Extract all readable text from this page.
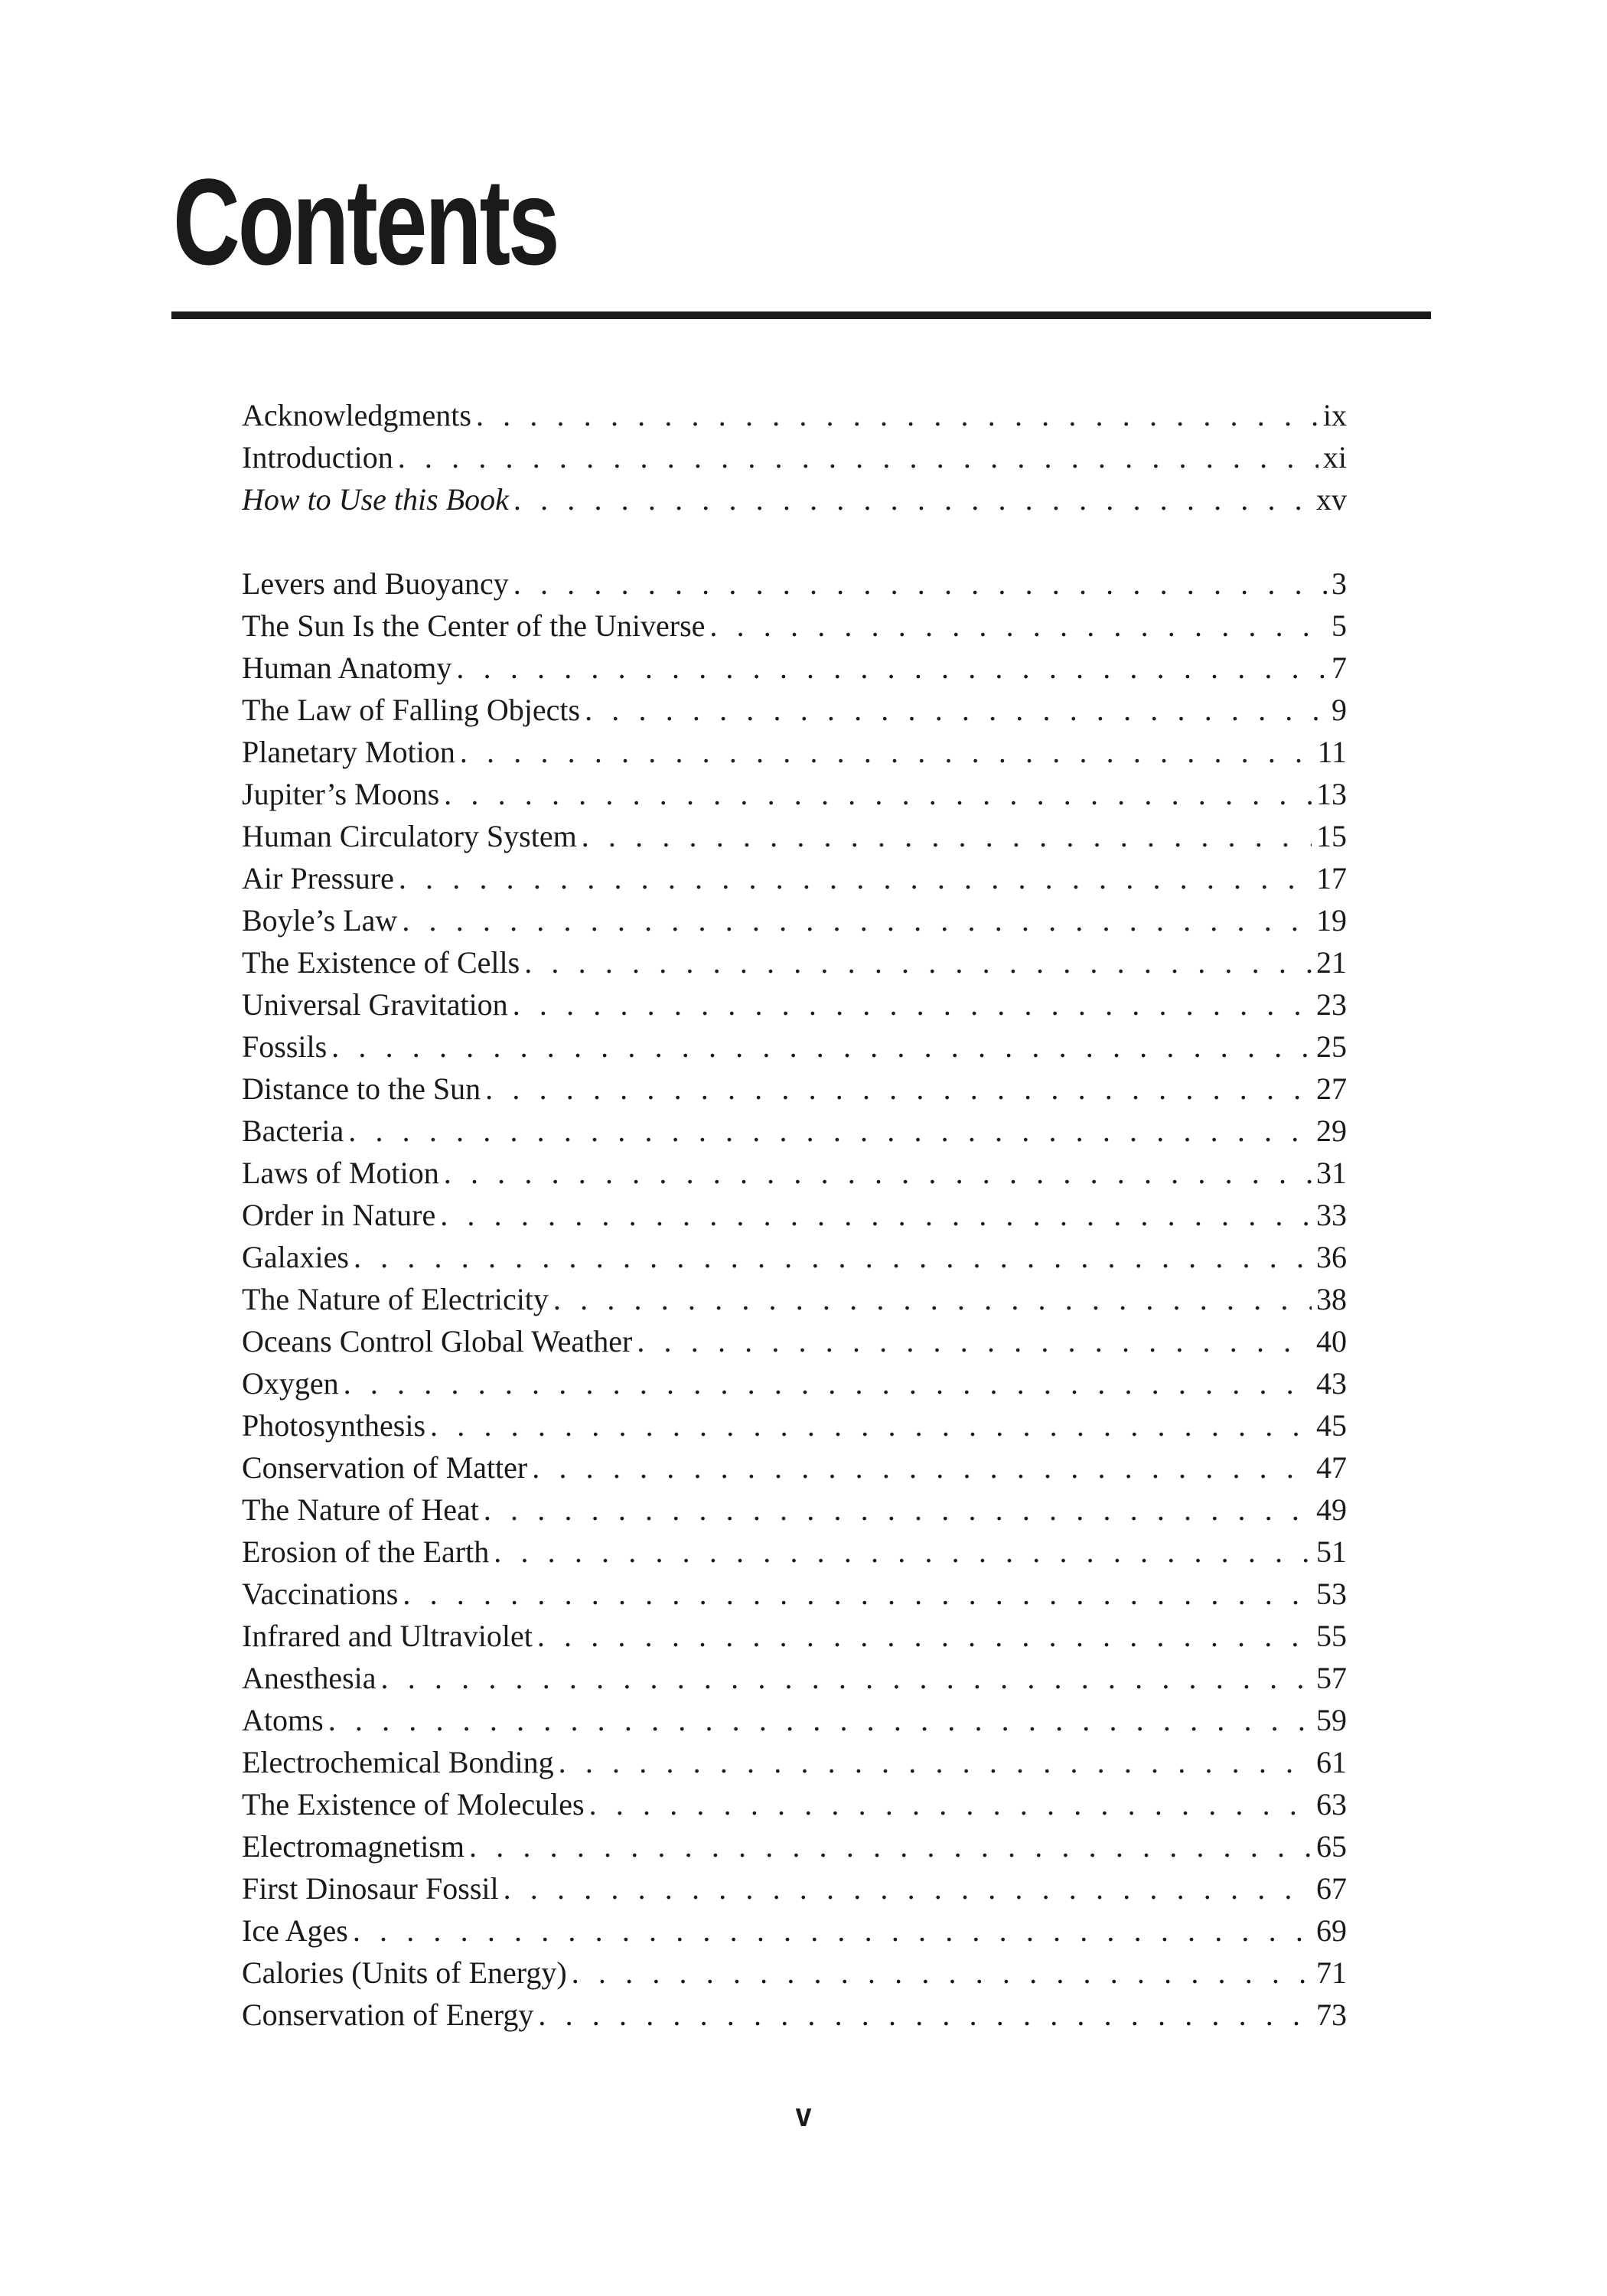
Contents
Acknowledgments . . .	ix
Introduction . . .	xi
How to Use this Book . . .	xv
Levers and Buoyancy . . .	3
The Sun Is the Center of the Universe . . .	5
Human Anatomy . . .	7
The Law of Falling Objects . . .	9
Planetary Motion . . .	11
Jupiter’s Moons . . .	13
Human Circulatory System . . .	15
Air Pressure . . .	17
Boyle’s Law . . .	19
The Existence of Cells . . .	21
Universal Gravitation . . .	23
Fossils . . .	25
Distance to the Sun . . .	27
Bacteria . . .	29
Laws of Motion . . .	31
Order in Nature . . .	33
Galaxies . . .	36
The Nature of Electricity . . .	38
Oceans Control Global Weather . . .	40
Oxygen . . .	43
Photosynthesis . . .	45
Conservation of Matter . . .	47
The Nature of Heat . . .	49
Erosion of the Earth . . .	51
Vaccinations . . .	53
Infrared and Ultraviolet . . .	55
Anesthesia . . .	57
Atoms . . .	59
Electrochemical Bonding . . .	61
The Existence of Molecules . . .	63
Electromagnetism . . .	65
First Dinosaur Fossil . . .	67
Ice Ages . . .	69
Calories (Units of Energy) . . .	71
Conservation of Energy . . .	73
v
